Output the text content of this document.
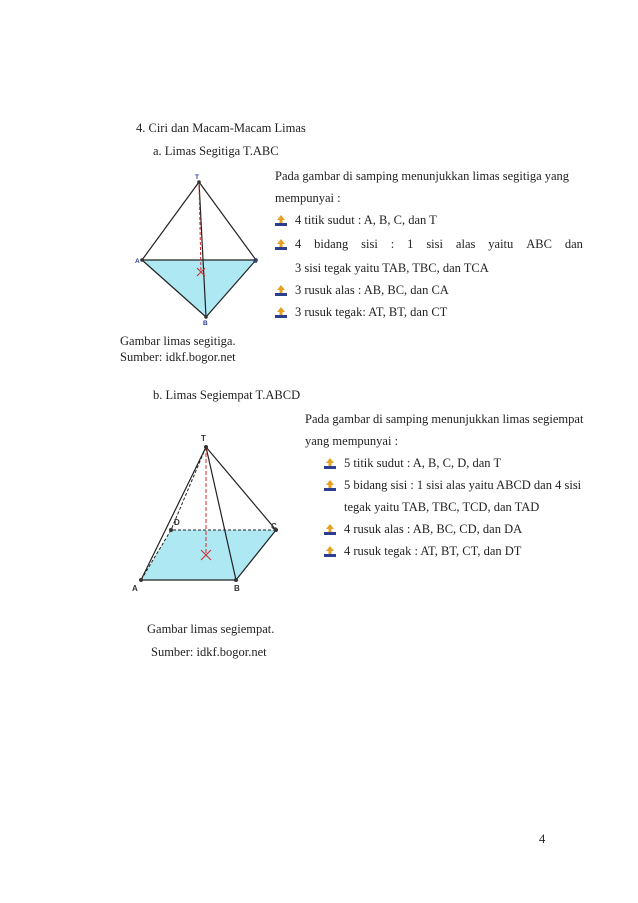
4. Ciri dan Macam-Macam Limas
a. Limas Segitiga T.ABC
T
A	C
B
Pada gambar di samping menunjukkan limas segitiga yang
mempunyai :
4 titik sudut : A, B, C, dan T
4 bidang sisi : 1 sisi alas yaitu ABC dan
3 sisi tegak yaitu TAB, TBC, dan TCA
3 rusuk alas : AB, BC, dan CA
3 rusuk tegak: AT, BT, dan CT
Gambar limas segitiga.
Sumber: idkf.bogor.net
b. Limas Segiempat T.ABCD
T
D	C
A	B
Pada gambar di samping menunjukkan limas segiempat
yang mempunyai :
5 titik sudut : A, B, C, D, dan T
5 bidang sisi : 1 sisi alas yaitu ABCD dan 4 sisi
tegak yaitu TAB, TBC, TCD, dan TAD
4 rusuk alas : AB, BC, CD, dan DA
4 rusuk tegak : AT, BT, CT, dan DT
Gambar limas segiempat.
Sumber: idkf.bogor.net
4
